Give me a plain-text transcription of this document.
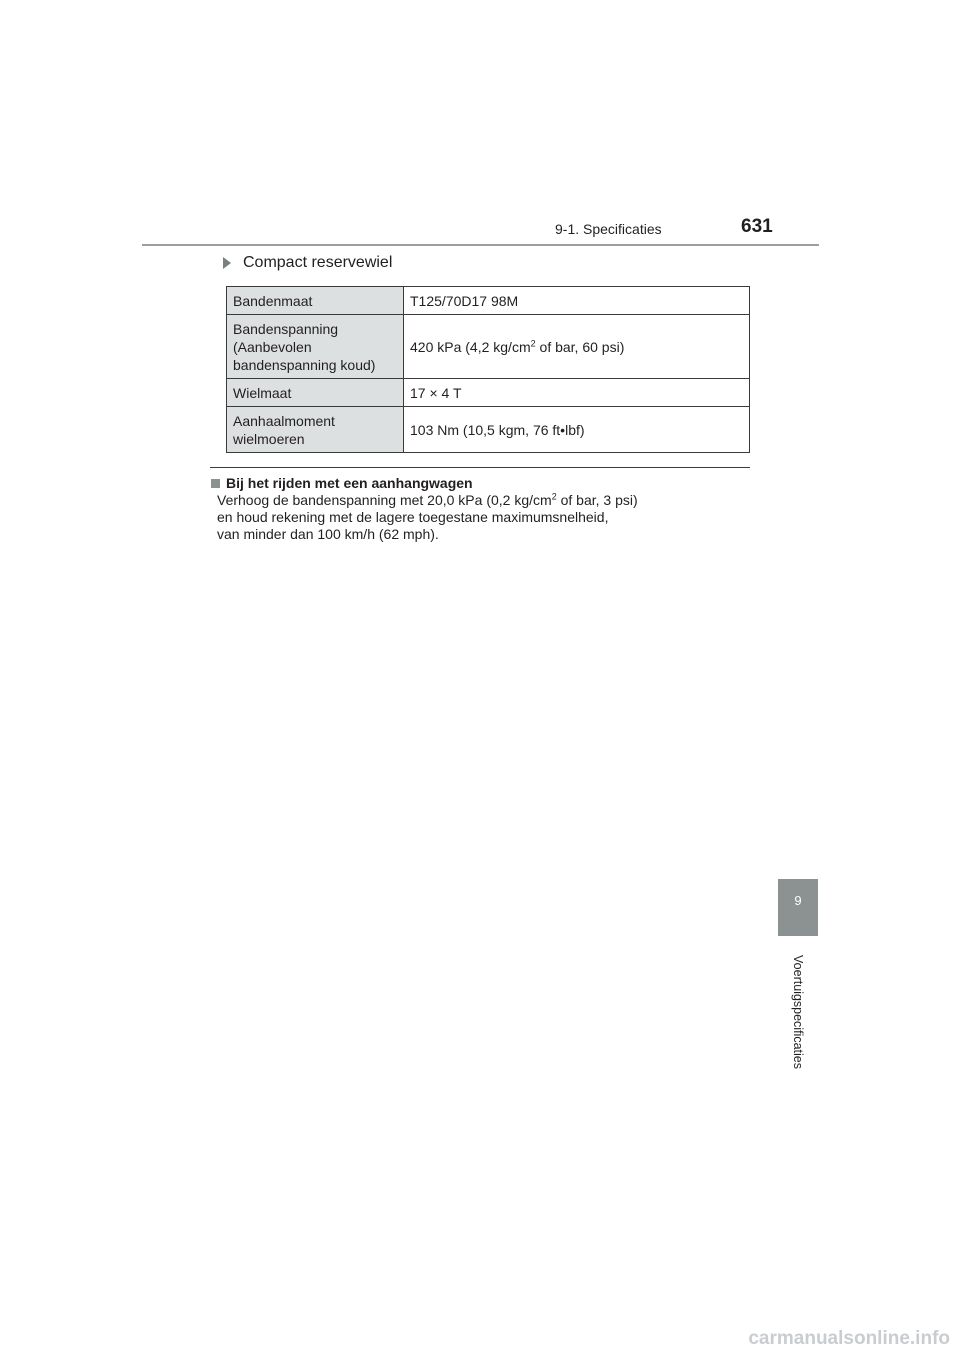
9-1. Specificaties	631
9
Voertuigspecificaties
Compact reservewiel
Bandenmaat	T125/70D17 98M
Bandenspanning
(Aanbevolen
bandenspanning koud)	420 kPa (4,2 $kg/cm^2$ of bar, 60 psi)
Wielmaat	17 × 4 T
Aanhaalmoment
wielmoeren	103 Nm (10,5 kgm, 76 ft•lbf)
Bij het rijden met een aanhangwagen
Verhoog de bandenspanning met 20,0 kPa (0,2 $kg/cm^2$ of bar, 3 psi)
en houd rekening met de lagere toegestane maximumsnelheid,
van minder dan 100 km/h (62 mph).
carmanualsonline.info
